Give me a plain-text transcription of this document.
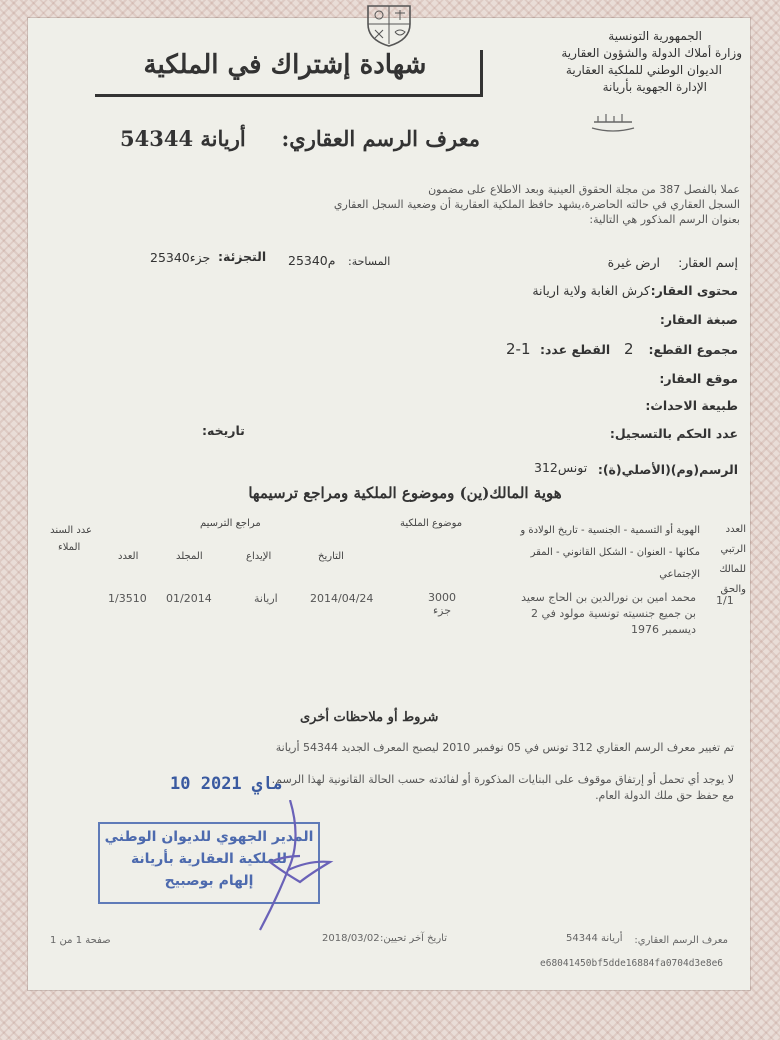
الجمهورية التونسية
وزارة أملاك الدولة والشؤون العقارية
الديوان الوطني للملكية العقارية
الإدارة الجهوية بأريانة
شهادة إشتراك في الملكية
معرف الرسم العقاري:
54344 أريانة
عملا بالفصل 387 من مجلة الحقوق العينية وبعد الاطلاع على مضمون
السجل العقاري في حالته الحاضرة،يشهد حافظ الملكية العقارية أن وضعية السجل العقاري
بعنوان الرسم المذكور هي التالية:
إسم العقار:
ارض غيرة
المساحة:
25340م
التجزئة:
25340جزء
محتوى العقار:
كرش الغابة ولاية اريانة
صبغة العقار:
مجموع القطع:
2
القطع عدد:
2-1
موقع العقار:
طبيعة الاحداث:
عدد الحكم بالتسجيل:
تاريخه:
الرسم(وم)(الأصلي(ة):
312تونس
هوية المالك(ين) وموضوع الملكية ومراجع ترسيمها
العدد الرتبي للمالك والحق
الهوية أو التسمية - الجنسية - تاريخ الولادة و مكانها - العنوان - الشكل القانوني - المقر الإجتماعي
موضوع الملكية
مراجع الترسيم
التاريخ
الإيداع
المجلد
العدد
عدد السند
الملاء
1/1
محمد امين بن نورالدين بن الحاج سعيد بن جميع جنسيته تونسية مولود في 2 ديسمبر 1976
3000 جزء
2014/04/24
اريانة
01/2014
1/3510
شروط أو ملاحظات أخرى
تم تغيير معرف الرسم العقاري 312 تونس في 05 نوفمبر 2010 ليصبح المعرف الجديد 54344 أريانة
لا يوجد أي تحمل أو إرتفاق موقوف على البنايات المذكورة أو لفائدته حسب الحالة القانونية لهذا الرسم.
مع حفظ حق ملك الدولة العام.
10 ماي 2021
المدير الجهوي للديوان الوطني
للملكية العقارية بأريانة
إلهام بوصبيح
صفحة 1 من 1	تاريخ آخر تحيين:
2018/03/02	معرف الرسم العقاري:
54344 أريانة
e68041450bf5dde16884fa0704d3e8e6
